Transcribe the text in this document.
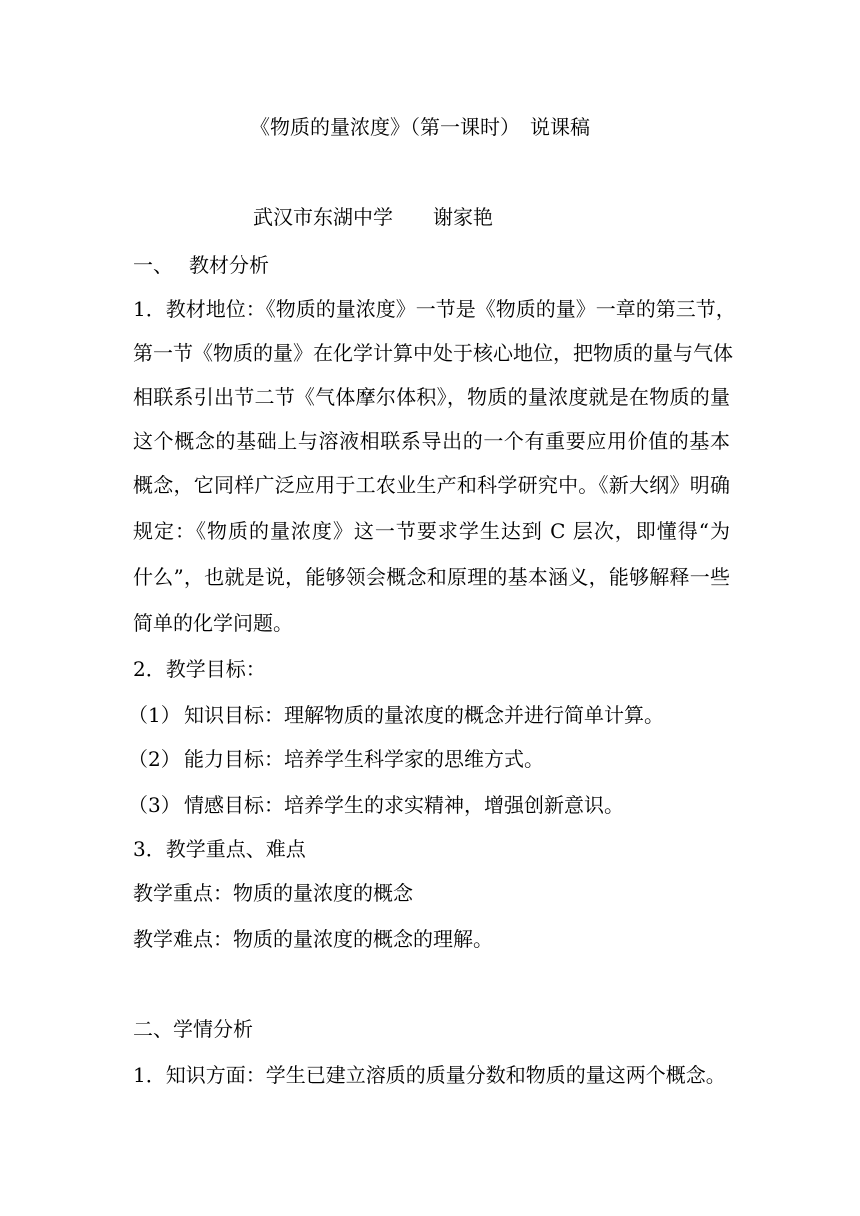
《物质的量浓度》（第一课时）　说课稿
武汉市东湖中学　　谢家艳
一、 教材分析
1．教材地位：《物质的量浓度》一节是《物质的量》一章的第三节，
第一节《物质的量》在化学计算中处于核心地位，把物质的量与气体
相联系引出节二节《气体摩尔体积》，物质的量浓度就是在物质的量
这个概念的基础上与溶液相联系导出的一个有重要应用价值的基本
概念，它同样广泛应用于工农业生产和科学研究中。《新大纲》明确
规定：《物质的量浓度》这一节要求学生达到 C 层次，即懂得“为
什么”，也就是说，能够领会概念和原理的基本涵义，能够解释一些
简单的化学问题。
2．教学目标：
（1） 知识目标：理解物质的量浓度的概念并进行简单计算。
（2） 能力目标：培养学生科学家的思维方式。
（3） 情感目标：培养学生的求实精神，增强创新意识。
3．教学重点、难点
教学重点：物质的量浓度的概念
教学难点：物质的量浓度的概念的理解。
二、学情分析
1．知识方面：学生已建立溶质的质量分数和物质的量这两个概念。
